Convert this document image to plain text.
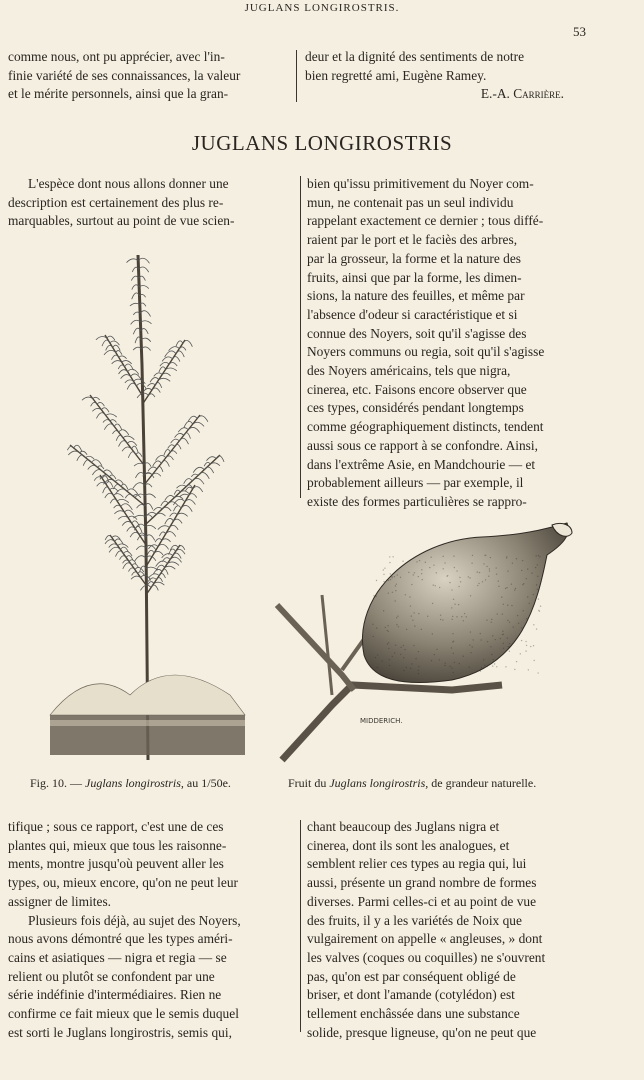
JUGLANS LONGIROSTRIS.
53

comme nous, ont pu apprécier, avec l'in-

finie variété de ses connaissances, la valeur

et le mérite personnels, ainsi que la gran-

deur et la dignité des sentiments de notre

bien regretté ami, Eugène Ramey.

E.-A. Carrière.

JUGLANS LONGIROSTRIS

L'espèce dont nous allons donner une

description est certainement des plus re-

marquables, surtout au point de vue scien-

bien qu'issu primitivement du Noyer com-

mun, ne contenait pas un seul individu

rappelant exactement ce dernier ; tous diffé-

raient par le port et le faciès des arbres,

par la grosseur, la forme et la nature des

fruits, ainsi que par la forme, les dimen-

sions, la nature des feuilles, et même par

l'absence d'odeur si caractéristique et si

connue des Noyers, soit qu'il s'agisse des

Noyers communs ou regia, soit qu'il s'agisse

des Noyers américains, tels que nigra,

cinerea, etc. Faisons encore observer que

ces types, considérés pendant longtemps

comme géographiquement distincts, tendent

aussi sous ce rapport à se confondre. Ainsi,

dans l'extrême Asie, en Mandchourie — et

probablement ailleurs — par exemple, il

existe des formes particulières se rappro-

MIDDERICH.
Fig. 10. — Juglans longirostris, au 1/50e.	Fruit du Juglans longirostris, de grandeur naturelle.

tifique ; sous ce rapport, c'est une de ces

plantes qui, mieux que tous les raisonne-

ments, montre jusqu'où peuvent aller les

types, ou, mieux encore, qu'on ne peut leur

assigner de limites.

Plusieurs fois déjà, au sujet des Noyers,

nous avons démontré que les types améri-

cains et asiatiques — nigra et regia — se

relient ou plutôt se confondent par une

série indéfinie d'intermédiaires. Rien ne

confirme ce fait mieux que le semis duquel

est sorti le Juglans longirostris, semis qui,

chant beaucoup des Juglans nigra et

cinerea, dont ils sont les analogues, et

semblent relier ces types au regia qui, lui

aussi, présente un grand nombre de formes

diverses. Parmi celles-ci et au point de vue

des fruits, il y a les variétés de Noix que

vulgairement on appelle « angleuses, » dont

les valves (coques ou coquilles) ne s'ouvrent

pas, qu'on est par conséquent obligé de

briser, et dont l'amande (cotylédon) est

tellement enchâssée dans une substance

solide, presque ligneuse, qu'on ne peut que
